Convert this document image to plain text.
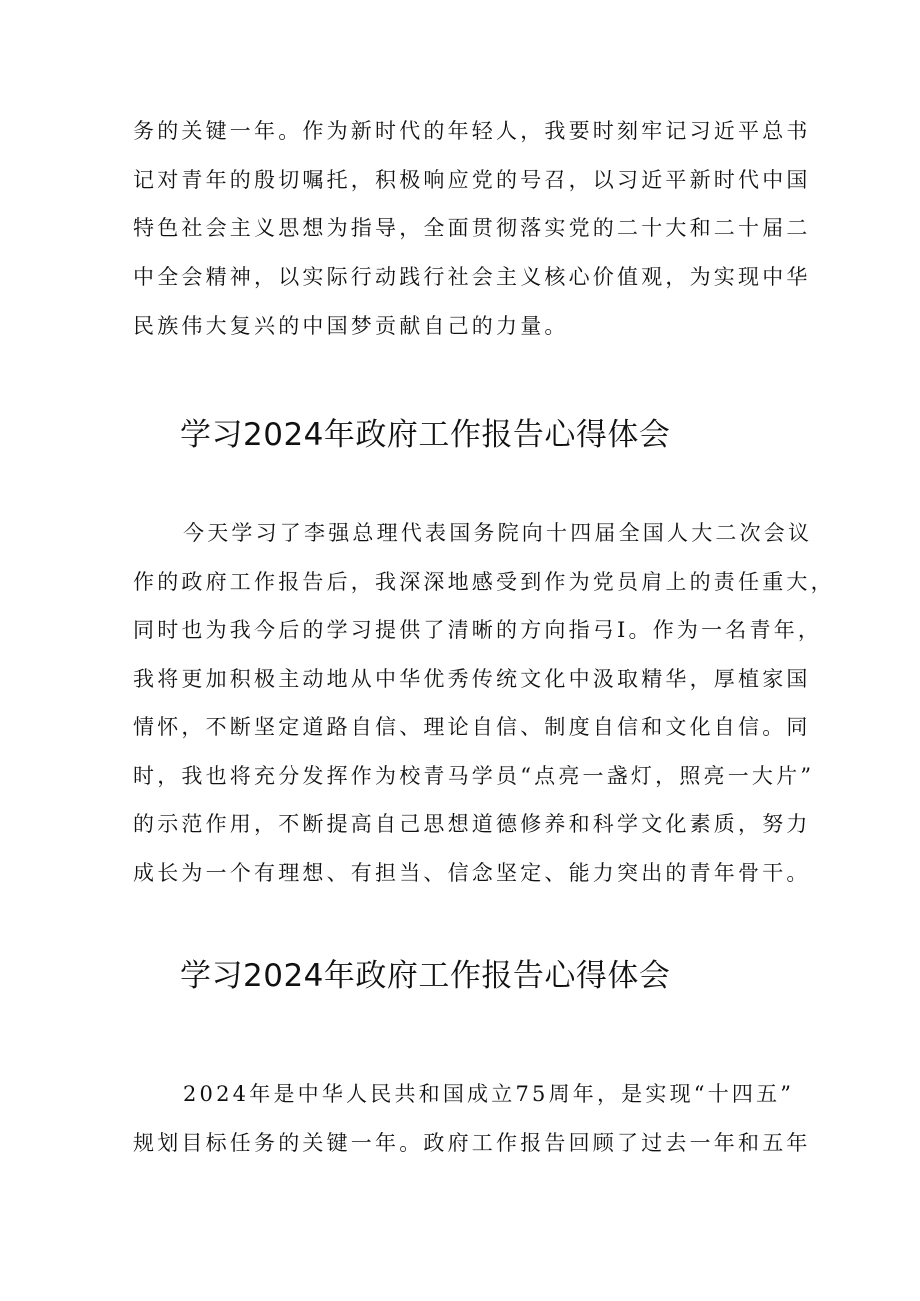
务的关键一年。作为新时代的年轻人，我要时刻牢记习近平总书
记对青年的殷切嘱托，积极响应党的号召，以习近平新时代中国
特色社会主义思想为指导，全面贯彻落实党的二十大和二十届二
中全会精神，以实际行动践行社会主义核心价值观，为实现中华
民族伟大复兴的中国梦贡献自己的力量。
学习2024年政府工作报告心得体会
今天学习了李强总理代表国务院向十四届全国人大二次会议
作的政府工作报告后，我深深地感受到作为党员肩上的责任重大，
同时也为我今后的学习提供了清晰的方向指弓I。作为一名青年，
我将更加积极主动地从中华优秀传统文化中汲取精华，厚植家国
情怀，不断坚定道路自信、理论自信、制度自信和文化自信。同
时，我也将充分发挥作为校青马学员“点亮一盏灯，照亮一大片”
的示范作用，不断提高自己思想道德修养和科学文化素质，努力
成长为一个有理想、有担当、信念坚定、能力突出的青年骨干。
学习2024年政府工作报告心得体会
2024年是中华人民共和国成立75周年，是实现“十四五”
规划目标任务的关键一年。政府工作报告回顾了过去一年和五年
